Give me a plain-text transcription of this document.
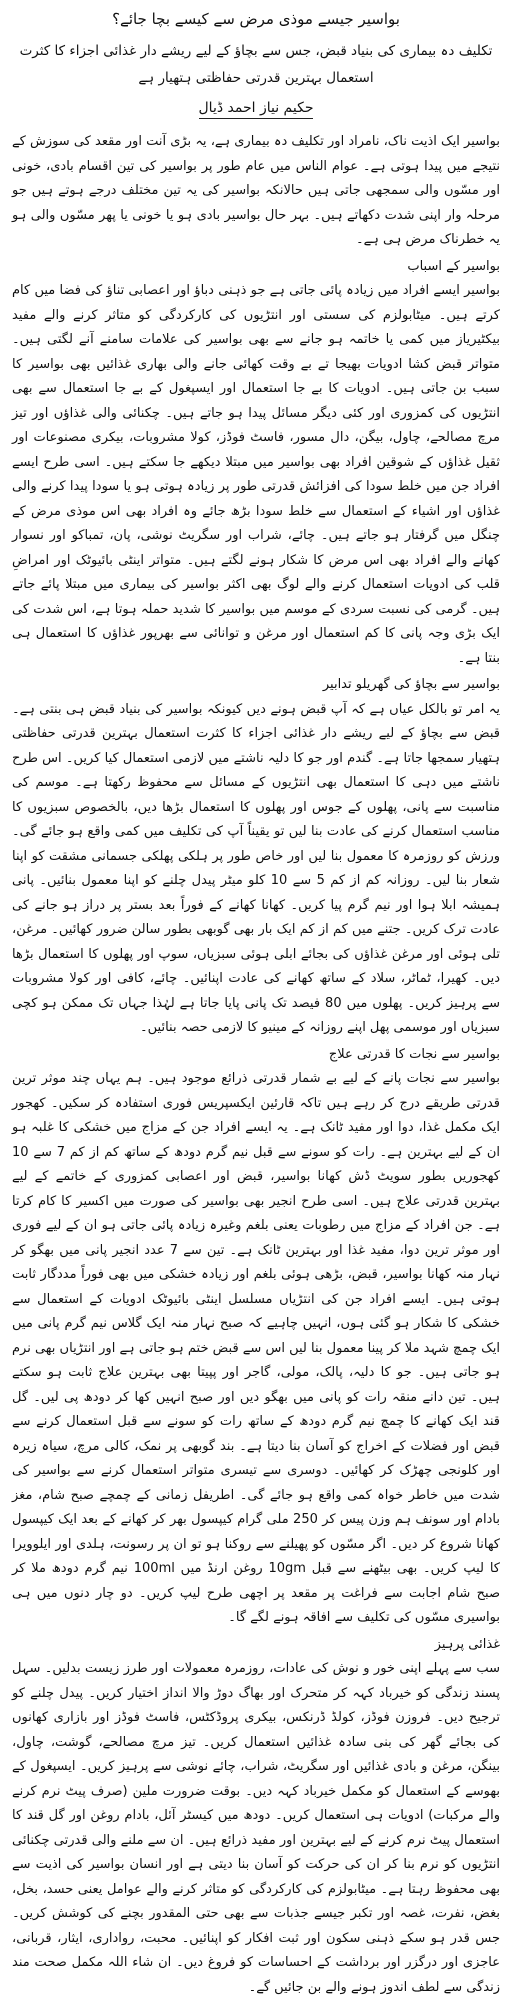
بواسیر جیسے موذی مرض سے کیسے بچا جائے؟
تکلیف دہ بیماری کی بنیاد قبض، جس سے بچاؤ کے لیے ریشے دار غذائی اجزاء کا کثرت استعمال بہترین قدرتی حفاظتی ہتھیار ہے
حکیم نیاز احمد ڈیال

بواسیر ایک اذیت ناک، نامراد اور تکلیف دہ بیماری ہے، یہ بڑی آنت اور مقعد کی سوزش کے نتیجے میں پیدا ہوتی ہے۔ عوام الناس میں عام طور پر بواسیر کی تین اقسام بادی، خونی اور مسّوں والی سمجھی جاتی ہیں حالانکہ بواسیر کی یہ تین مختلف درجے ہوتے ہیں جو مرحلہ وار اپنی شدت دکھاتے ہیں۔ بہر حال بواسیر بادی ہو یا خونی یا پھر مسّوں والی ہو یہ خطرناک مرض ہی ہے۔

بواسیر کے اسباب

بواسیر ایسے افراد میں زیادہ پائی جاتی ہے جو ذہنی دباؤ اور اعصابی تناؤ کی فضا میں کام کرتے ہیں۔ میٹابولزم کی سستی اور انتڑیوں کی کارکردگی کو متاثر کرنے والے مفید بیکٹیریاز میں کمی یا خاتمہ ہو جانے سے بھی بواسیر کی علامات سامنے آنے لگتی ہیں۔ متواتر قبض کشا ادویات بھیجا تے بے وقت کھائی جانے والی بھاری غذائیں بھی بواسیر کا سبب بن جاتی ہیں۔ ادویات کا بے جا استعمال اور ایسپغول کے بے جا استعمال سے بھی انتڑیوں کی کمزوری اور کئی دیگر مسائل پیدا ہو جاتے ہیں۔ چکنائی والی غذاؤں اور تیز مرچ مصالحے، چاول، بیگن، دال مسور، فاسٹ فوڈز، کولا مشروبات، بیکری مصنوعات اور ثقیل غذاؤں کے شوقین افراد بھی بواسیر میں مبتلا دیکھے جا سکتے ہیں۔ اسی طرح ایسے افراد جن میں خلط سودا کی افزائش قدرتی طور پر زیادہ ہوتی ہو یا سودا پیدا کرنے والی غذاؤں اور اشیاء کے استعمال سے خلط سودا بڑھ جائے وہ افراد بھی اس موذی مرض کے چنگل میں گرفتار ہو جاتے ہیں۔ چائے، شراب اور سگریٹ نوشی، پان، تمباکو اور نسوار کھانے والے افراد بھی اس مرض کا شکار ہونے لگتے ہیں۔ متواتر اینٹی بائیوٹک اور امراضِ قلب کی ادویات استعمال کرنے والے لوگ بھی اکثر بواسیر کی بیماری میں مبتلا پائے جاتے ہیں۔ گرمی کی نسبت سردی کے موسم میں بواسیر کا شدید حملہ ہوتا ہے، اس شدت کی ایک بڑی وجہ پانی کا کم استعمال اور مرغن و توانائی سے بھرپور غذاؤں کا استعمال ہی بنتا ہے۔

بواسیر سے بچاؤ کی گھریلو تدابیر

یہ امر تو بالکل عیاں ہے کہ آپ قبض ہونے دیں کیونکہ بواسیر کی بنیاد قبض ہی بنتی ہے۔ قبض سے بچاؤ کے لیے ریشے دار غذائی اجزاء کا کثرت استعمال بہترین قدرتی حفاظتی ہتھیار سمجھا جاتا ہے۔ گندم اور جو کا دلیہ ناشتے میں لازمی استعمال کیا کریں۔ اس طرح ناشتے میں دہی کا استعمال بھی انتڑیوں کے مسائل سے محفوظ رکھتا ہے۔ موسم کی مناسبت سے پانی، پھلوں کے جوس اور پھلوں کا استعمال بڑھا دیں، بالخصوص سبزیوں کا مناسب استعمال کرنے کی عادت بنا لیں تو یقیناً آپ کی تکلیف میں کمی واقع ہو جائے گی۔ ورزش کو روزمرہ کا معمول بنا لیں اور خاص طور پر ہلکی پھلکی جسمانی مشقت کو اپنا شعار بنا لیں۔ روزانہ کم از کم 5 سے 10 کلو میٹر پیدل چلنے کو اپنا معمول بنائیں۔ پانی ہمیشہ ابلا ہوا اور نیم گرم پیا کریں۔ کھانا کھانے کے فوراً بعد بستر پر دراز ہو جانے کی عادت ترک کریں۔ جتنے میں کم از کم ایک بار بھی گوبھی بطور سالن ضرور کھائیں۔ مرغن، تلی ہوئی اور مرغن غذاؤں کی بجائے ابلی ہوئی سبزیاں، سوپ اور پھلوں کا استعمال بڑھا دیں۔ کھیرا، ٹماٹر، سلاد کے ساتھ کھانے کی عادت اپنائیں۔ چائے، کافی اور کولا مشروبات سے پرہیز کریں۔ پھلوں میں 80 فیصد تک پانی پایا جاتا ہے لہٰذا جہاں تک ممکن ہو کچی سبزیاں اور موسمی پھل اپنے روزانہ کے مینیو کا لازمی حصہ بنائیں۔

بواسیر سے نجات کا قدرتی علاج

بواسیر سے نجات پانے کے لیے بے شمار قدرتی ذرائع موجود ہیں۔ ہم یہاں چند موثر ترین قدرتی طریقے درج کر رہے ہیں تاکہ قارئین ایکسپریس فوری استفادہ کر سکیں۔ کھجور ایک مکمل غذا، دوا اور مفید ٹانک ہے۔ یہ ایسے افراد جن کے مزاج میں خشکی کا غلبہ ہو ان کے لیے بہترین ہے۔ رات کو سونے سے قبل نیم گرم دودھ کے ساتھ کم از کم 7 سے 10 کھجوریں بطور سویٹ ڈش کھانا بواسیر، قبض اور اعصابی کمزوری کے خاتمے کے لیے بہترین قدرتی علاج ہیں۔ اسی طرح انجیر بھی بواسیر کی صورت میں اکسیر کا کام کرتا ہے۔ جن افراد کے مزاج میں رطوبات یعنی بلغم وغیرہ زیادہ پائی جاتی ہو ان کے لیے فوری اور موثر ترین دوا، مفید غذا اور بہترین ٹانک ہے۔ تین سے 7 عدد انجیر پانی میں بھگو کر نہار منہ کھانا بواسیر، قبض، بڑھی ہوئی بلغم اور زیادہ خشکی میں بھی فوراً مددگار ثابت ہوتی ہیں۔ ایسے افراد جن کی انتڑیاں مسلسل اینٹی بائیوٹک ادویات کے استعمال سے خشکی کا شکار ہو گئی ہوں، انہیں چاہیے کہ صبح نہار منہ ایک گلاس نیم گرم پانی میں ایک چمچ شہد ملا کر پینا معمول بنا لیں اس سے قبض ختم ہو جاتی ہے اور انتڑیاں بھی نرم ہو جاتی ہیں۔ جو کا دلیہ، پالک، مولی، گاجر اور پپیتا بھی بہترین علاج ثابت ہو سکتے ہیں۔ تین دانے منقہ رات کو پانی میں بھگو دیں اور صبح انہیں کھا کر دودھ پی لیں۔ گل قند ایک کھانے کا چمچ نیم گرم دودھ کے ساتھ رات کو سونے سے قبل استعمال کرنے سے قبض اور فضلات کے اخراج کو آسان بنا دیتا ہے۔ بند گوبھی پر نمک، کالی مرچ، سیاہ زیرہ اور کلونجی چھڑک کر کھائیں۔ دوسری سے تیسری متواتر استعمال کرنے سے بواسیر کی شدت میں خاطر خواہ کمی واقع ہو جائے گی۔ اطریفل زمانی کے چمچے صبح شام، مغز بادام اور سونف ہم وزن پیس کر 250 ملی گرام کیپسول بھر کر کھانے کے بعد ایک کیپسول کھانا شروع کر دیں۔ اگر مسّوں کو پھیلنے سے روکنا ہو تو ان پر رسونت، ہلدی اور ایلوویرا کا لیپ کریں۔ بھی بیٹھنے سے قبل 10gm روغن ارنڈ میں 100ml نیم گرم دودھ ملا کر صبح شام اجابت سے فراغت پر مقعد پر اچھی طرح لیپ کریں۔ دو چار دنوں میں ہی بواسیری مسّوں کی تکلیف سے افاقہ ہونے لگے گا۔

غذائی پرہیز

سب سے پہلے اپنی خور و نوش کی عادات، روزمرہ معمولات اور طرز زیست بدلیں۔ سہل پسند زندگی کو خیرباد کہہ کر متحرک اور بھاگ دوڑ والا انداز اختیار کریں۔ پیدل چلنے کو ترجیح دیں۔ فروزن فوڈز، کولڈ ڈرنکس، بیکری پروڈکٹس، فاسٹ فوڈز اور بازاری کھانوں کی بجائے گھر کی بنی سادہ غذائیں استعمال کریں۔ تیز مرچ مصالحے، گوشت، چاول، بینگن، مرغن و بادی غذائیں اور سگریٹ، شراب، چائے نوشی سے پرہیز کریں۔ ایسپغول کے بھوسے کے استعمال کو مکمل خیرباد کہہ دیں۔ بوقت ضرورت ملین (صرف پیٹ نرم کرنے والے مرکبات) ادویات ہی استعمال کریں۔ دودھ میں کیسٹر آئل، بادام روغن اور گل قند کا استعمال پیٹ نرم کرنے کے لیے بہترین اور مفید ذرائع ہیں۔ ان سے ملنے والی قدرتی چکنائی انتڑیوں کو نرم بنا کر ان کی حرکت کو آسان بنا دیتی ہے اور انسان بواسیر کی اذیت سے بھی محفوظ رہتا ہے۔ میٹابولزم کی کارکردگی کو متاثر کرنے والے عوامل یعنی حسد، بخل، بغض، نفرت، غصہ اور تکبر جیسے جذبات سے بھی حتی المقدور بچنے کی کوشش کریں۔ جس قدر ہو سکے ذہنی سکون اور ثبت افکار کو اپنائیں۔ محبت، رواداری، ایثار، قربانی، عاجزی اور درگزر اور برداشت کے احساسات کو فروغ دیں۔ ان شاء اللہ مکمل صحت مند زندگی سے لطف اندوز ہونے والے بن جائیں گے۔
